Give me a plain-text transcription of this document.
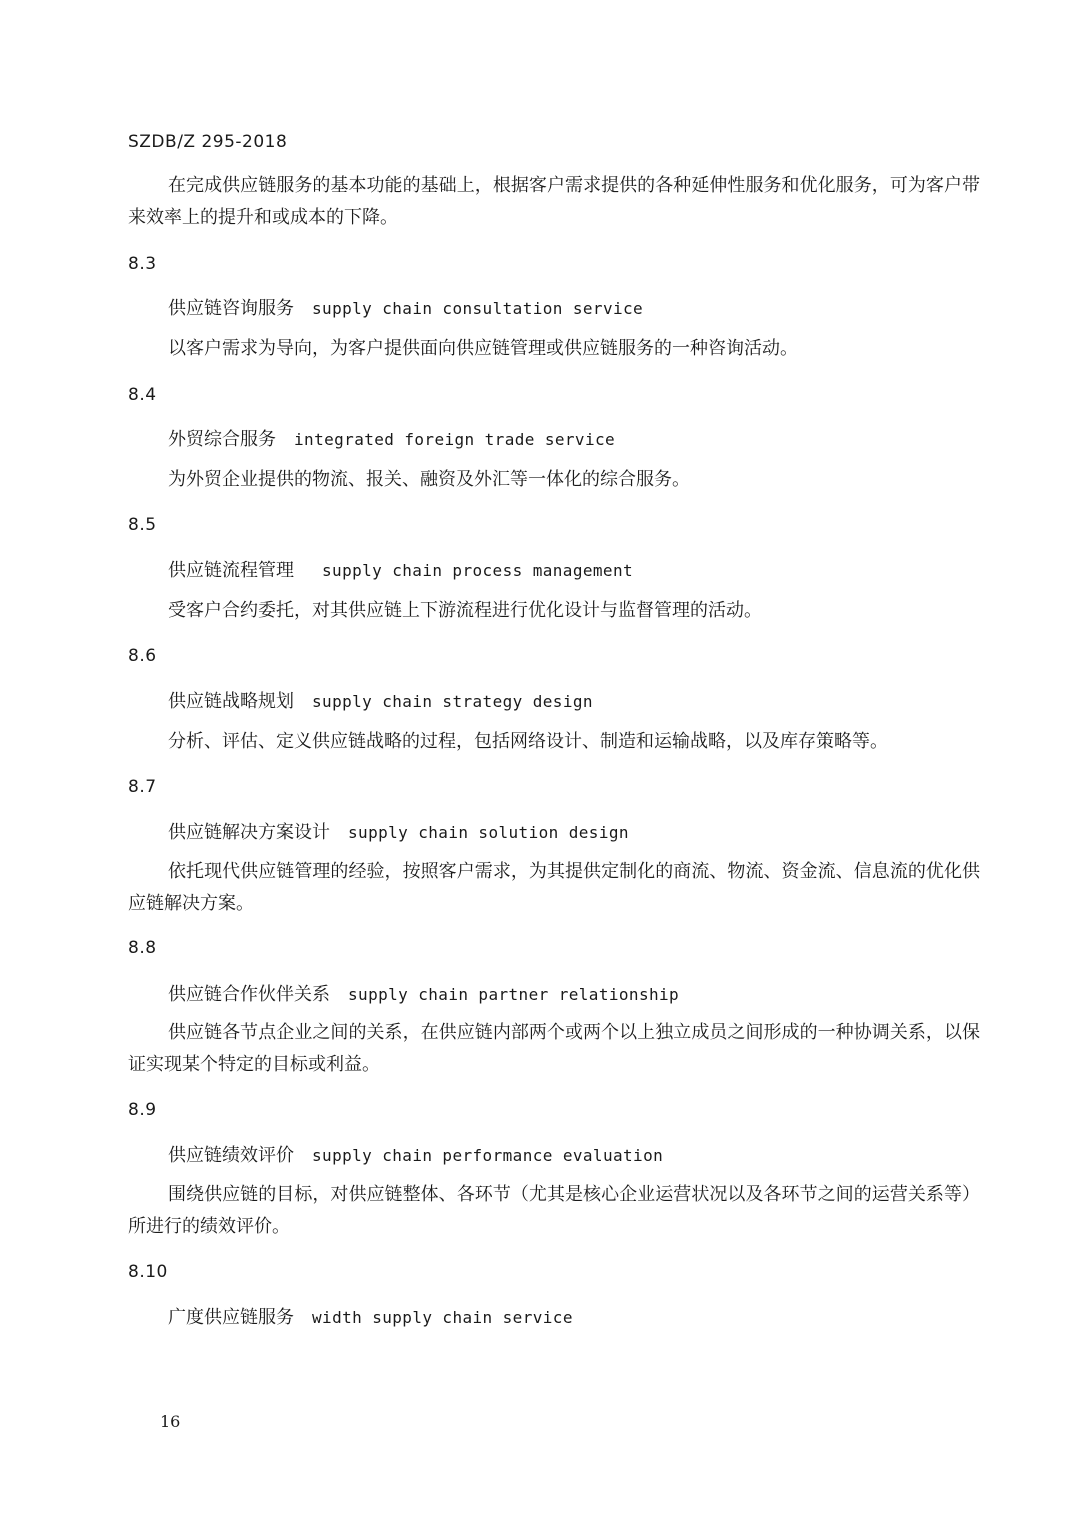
SZDB/Z 295-2018

在完成供应链服务的基本功能的基础上，根据客户需求提供的各种延伸性服务和优化服务，可为客户带来效率上的提升和或成本的下降。

8.3
供应链咨询服务 supply chain consultation service

以客户需求为导向，为客户提供面向供应链管理或供应链服务的一种咨询活动。

8.4
外贸综合服务 integrated foreign trade service

为外贸企业提供的物流、报关、融资及外汇等一体化的综合服务。

8.5
供应链流程管理 supply chain process management

受客户合约委托，对其供应链上下游流程进行优化设计与监督管理的活动。

8.6
供应链战略规划 supply chain strategy design

分析、评估、定义供应链战略的过程，包括网络设计、制造和运输战略，以及库存策略等。

8.7
供应链解决方案设计 supply chain solution design

依托现代供应链管理的经验，按照客户需求，为其提供定制化的商流、物流、资金流、信息流的优化供应链解决方案。

8.8
供应链合作伙伴关系 supply chain partner relationship

供应链各节点企业之间的关系，在供应链内部两个或两个以上独立成员之间形成的一种协调关系，以保证实现某个特定的目标或利益。

8.9
供应链绩效评价 supply chain performance evaluation

围绕供应链的目标，对供应链整体、各环节（尤其是核心企业运营状况以及各环节之间的运营关系等）所进行的绩效评价。

8.10
广度供应链服务 width supply chain service
16
